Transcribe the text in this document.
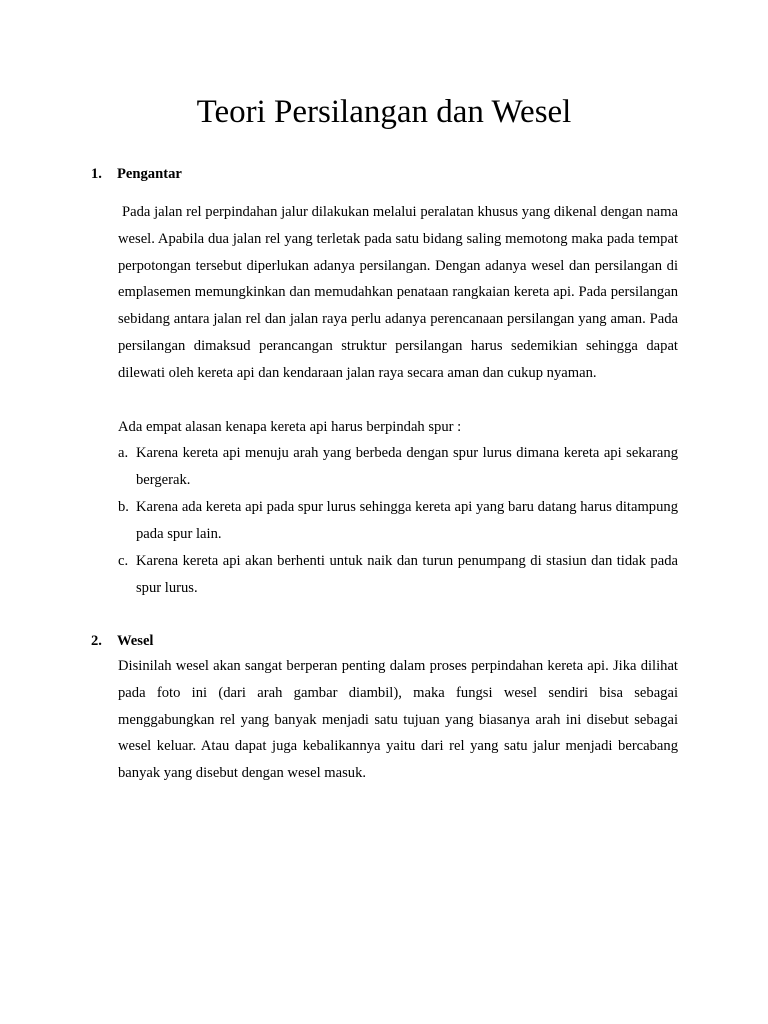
Teori Persilangan dan Wesel
1. Pengantar

Pada jalan rel perpindahan jalur dilakukan melalui peralatan khusus yang dikenal dengan nama wesel. Apabila dua jalan rel yang terletak pada satu bidang saling memotong maka pada tempat perpotongan tersebut diperlukan adanya persilangan. Dengan adanya wesel dan persilangan di emplasemen memungkinkan dan memudahkan penataan rangkaian kereta api. Pada persilangan sebidang antara jalan rel dan jalan raya perlu adanya perencanaan persilangan yang aman. Pada persilangan dimaksud perancangan struktur persilangan harus sedemikian sehingga dapat dilewati oleh kereta api dan kendaraan jalan raya secara aman dan cukup nyaman.

Ada empat alasan kenapa kereta api harus berpindah spur :

a. Karena kereta api menuju arah yang berbeda dengan spur lurus dimana kereta api sekarang bergerak.
b. Karena ada kereta api pada spur lurus sehingga kereta api yang baru datang harus ditampung pada spur lain.
c. Karena kereta api akan berhenti untuk naik dan turun penumpang di stasiun dan tidak pada spur lurus.
2. Wesel

Disinilah wesel akan sangat berperan penting dalam proses perpindahan kereta api. Jika dilihat pada foto ini (dari arah gambar diambil), maka fungsi wesel sendiri bisa sebagai menggabungkan rel yang banyak menjadi satu tujuan yang biasanya arah ini disebut sebagai wesel keluar. Atau dapat juga kebalikannya yaitu dari rel yang satu jalur menjadi bercabang banyak yang disebut dengan wesel masuk.
